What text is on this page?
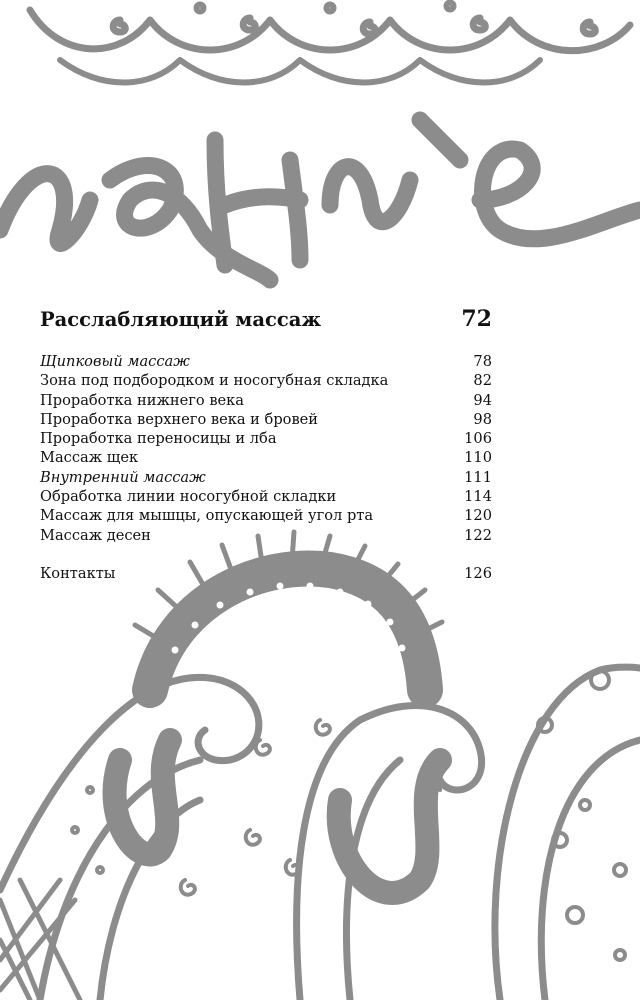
Расслабляющий массаж	72
Щипковый массаж	78
Зона под подбородком и носогубная складка	82
Проработка нижнего века	94
Проработка верхнего века и бровей	98
Проработка переносицы и лба	106
Массаж щек	110
Внутренний массаж	111
Обработка линии носогубной складки	114
Массаж для мышцы, опускающей угол рта	120
Массаж десен	122
Контакты	126
